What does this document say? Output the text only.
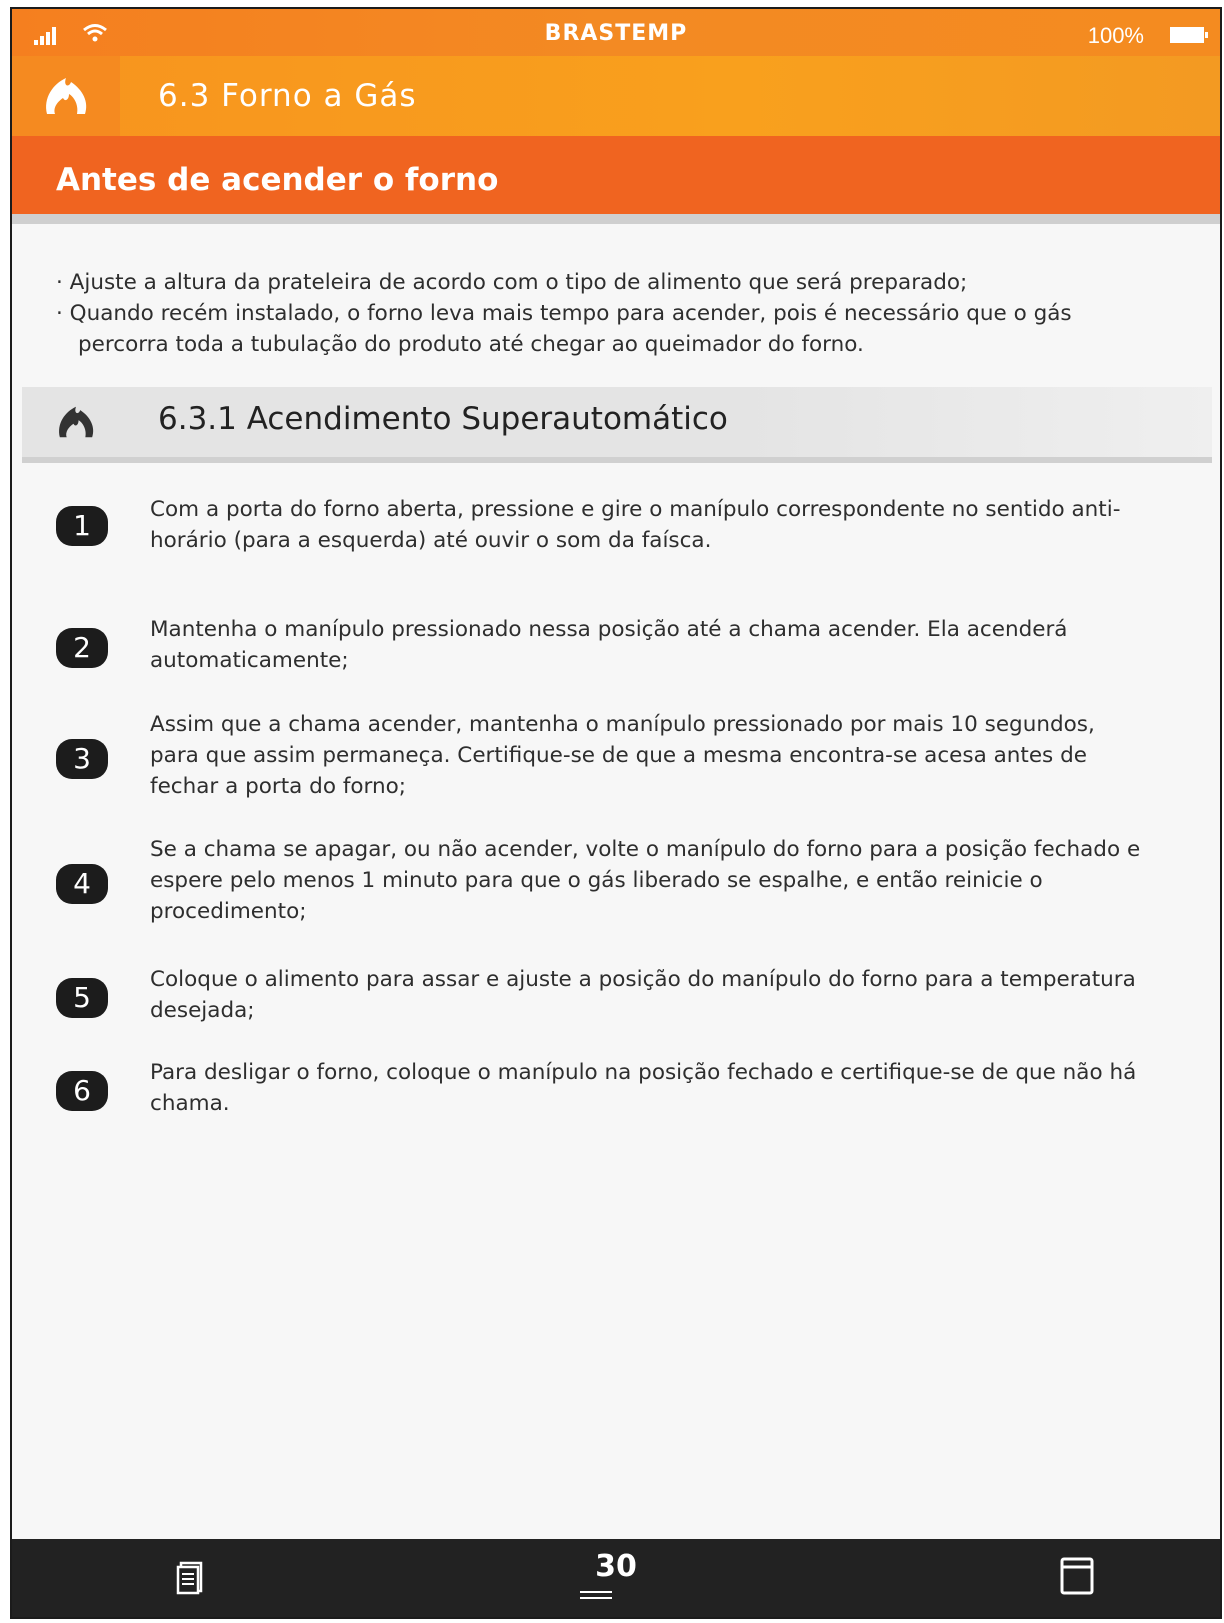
BRASTEMP	100%
6.3 Forno a Gás
Antes de acender o forno
· Ajuste a altura da prateleira de acordo com o tipo de alimento que será preparado;
· Quando recém instalado, o forno leva mais tempo para acender, pois é necessário que o gás percorra toda a tubulação do produto até chegar ao queimador do forno.
6.3.1 Acendimento Superautomático
1	Com a porta do forno aberta, pressione e gire o manípulo correspondente no sentido anti-horário (para a esquerda) até ouvir o som da faísca.
2
Mantenha o manípulo pressionado nessa posição até a chama acender. Ela acenderá automaticamente;
3
Assim que a chama acender, mantenha o manípulo pressionado por mais 10 segundos, para que assim permaneça. Certifique-se de que a mesma encontra-se acesa antes de fechar a porta do forno;
4
Se a chama se apagar, ou não acender, volte o manípulo do forno para a posição fechado e espere pelo menos 1 minuto para que o gás liberado se espalhe, e então reinicie o procedimento;
5
Coloque o alimento para assar e ajuste a posição do manípulo do forno para a temperatura desejada;
6
Para desligar o forno, coloque o manípulo na posição fechado e certifique-se de que não há chama.
30
